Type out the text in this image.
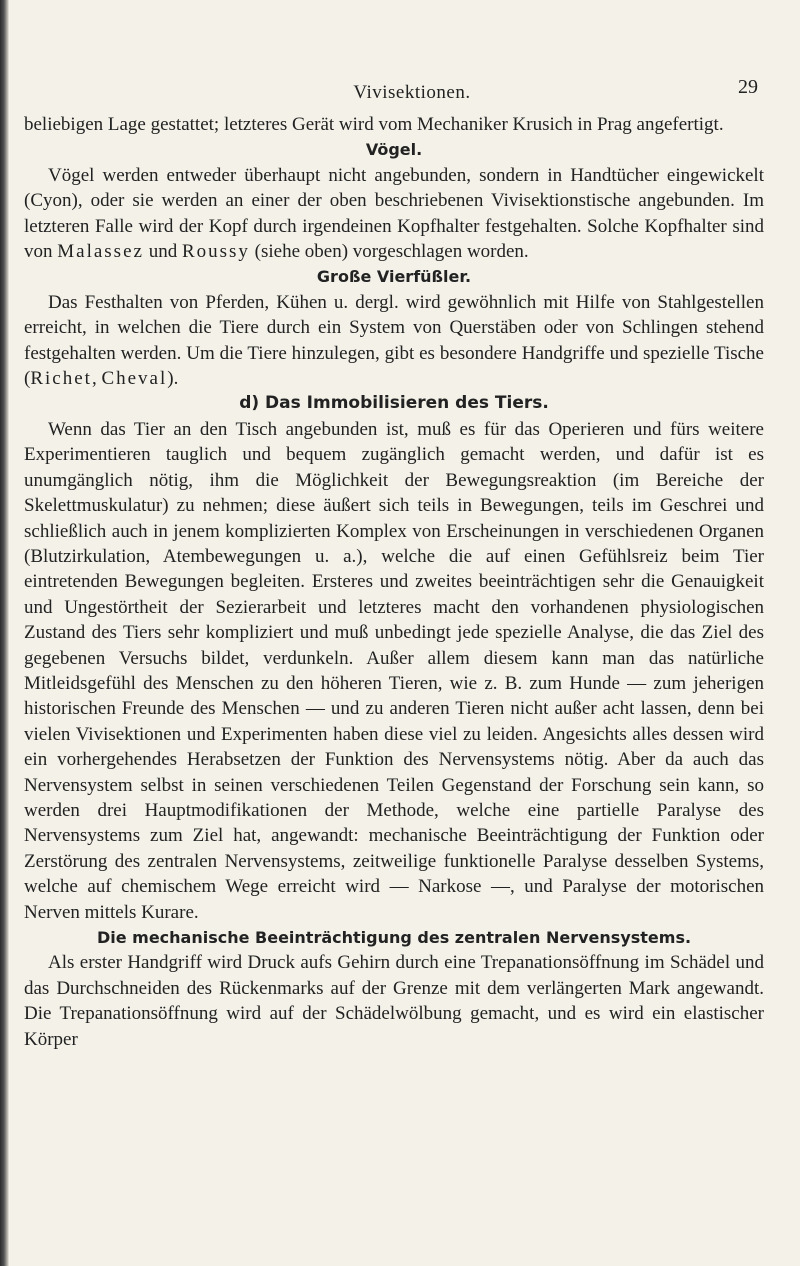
Vivisektionen.	29

beliebigen Lage gestattet; letzteres Gerät wird vom Mechaniker Krusich in Prag angefertigt.

Vögel.

Vögel werden entweder überhaupt nicht angebunden, sondern in Handtücher eingewickelt (Cyon), oder sie werden an einer der oben beschriebenen Vivisektionstische angebunden. Im letzteren Falle wird der Kopf durch irgendeinen Kopfhalter festgehalten. Solche Kopfhalter sind von Malassez und Roussy (siehe oben) vorgeschlagen worden.

Große Vierfüßler.

Das Festhalten von Pferden, Kühen u. dergl. wird gewöhnlich mit Hilfe von Stahlgestellen erreicht, in welchen die Tiere durch ein System von Querstäben oder von Schlingen stehend festgehalten werden. Um die Tiere hinzulegen, gibt es besondere Handgriffe und spezielle Tische (Richet, Cheval).

d) Das Immobilisieren des Tiers.

Wenn das Tier an den Tisch angebunden ist, muß es für das Operieren und fürs weitere Experimentieren tauglich und bequem zugänglich gemacht werden, und dafür ist es unumgänglich nötig, ihm die Möglichkeit der Bewegungsreaktion (im Bereiche der Skelettmuskulatur) zu nehmen; diese äußert sich teils in Bewegungen, teils im Geschrei und schließlich auch in jenem komplizierten Komplex von Erscheinungen in verschiedenen Organen (Blutzirkulation, Atembewegungen u. a.), welche die auf einen Gefühlsreiz beim Tier eintretenden Bewegungen begleiten. Ersteres und zweites beeinträchtigen sehr die Genauigkeit und Ungestörtheit der Sezierarbeit und letzteres macht den vorhandenen physiologischen Zustand des Tiers sehr kompliziert und muß unbedingt jede spezielle Analyse, die das Ziel des gegebenen Versuchs bildet, verdunkeln. Außer allem diesem kann man das natürliche Mitleidsgefühl des Menschen zu den höheren Tieren, wie z. B. zum Hunde — zum jeherigen historischen Freunde des Menschen — und zu anderen Tieren nicht außer acht lassen, denn bei vielen Vivisektionen und Experimenten haben diese viel zu leiden. Angesichts alles dessen wird ein vorhergehendes Herabsetzen der Funktion des Nervensystems nötig. Aber da auch das Nervensystem selbst in seinen verschiedenen Teilen Gegenstand der Forschung sein kann, so werden drei Hauptmodifikationen der Methode, welche eine partielle Paralyse des Nervensystems zum Ziel hat, angewandt: mechanische Beeinträchtigung der Funktion oder Zerstörung des zentralen Nervensystems, zeitweilige funktionelle Paralyse desselben Systems, welche auf chemischem Wege erreicht wird — Narkose —, und Paralyse der motorischen Nerven mittels Kurare.

Die mechanische Beeinträchtigung des zentralen Nervensystems.

Als erster Handgriff wird Druck aufs Gehirn durch eine Trepanationsöffnung im Schädel und das Durchschneiden des Rückenmarks auf der Grenze mit dem verlängerten Mark angewandt. Die Trepanationsöffnung wird auf der Schädelwölbung gemacht, und es wird ein elastischer Körper
